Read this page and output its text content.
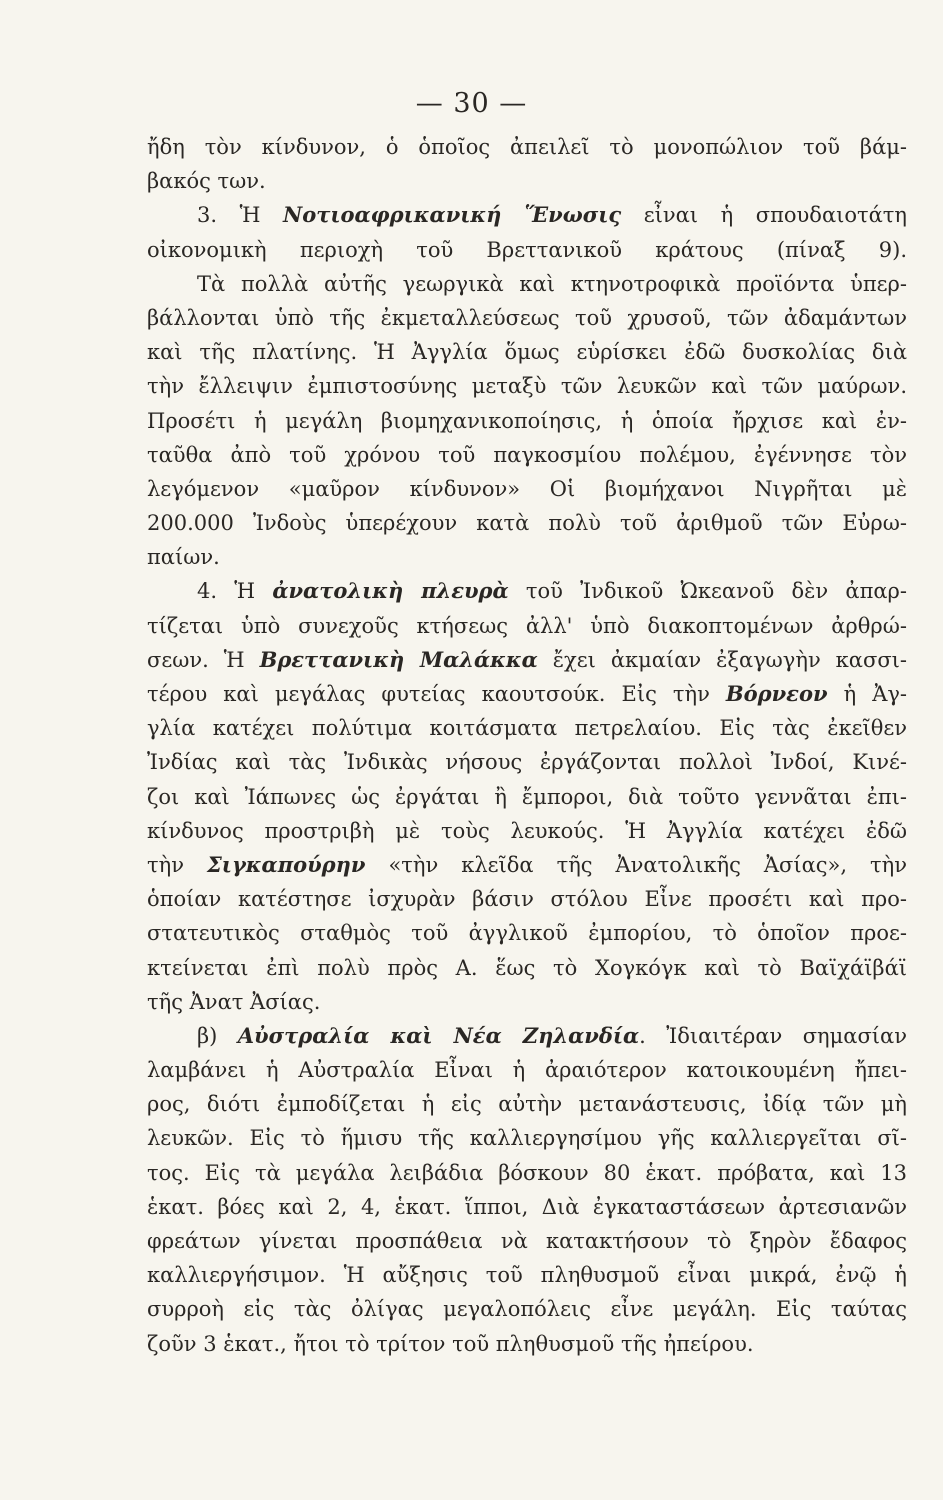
— 30 —
ἤδη τὸν κίνδυνον, ὁ ὁποῖος ἀπειλεῖ τὸ μονοπώλιον τοῦ βάμ-
βακός των.
3. Ἡ Νοτιοαφρικανική Ἕνωσις εἶναι ἡ σπουδαιοτάτη
οἰκονομικὴ περιοχὴ τοῦ Βρεττανικοῦ κράτους (πίναξ 9).
Τὰ πολλὰ αὐτῆς γεωργικὰ καὶ κτηνοτροφικὰ προϊόντα ὑπερ-
βάλλονται ὑπὸ τῆς ἐκμεταλλεύσεως τοῦ χρυσοῦ, τῶν ἀδαμάντων
καὶ τῆς πλατίνης. Ἡ Ἀγγλία ὅμως εὑρίσκει ἐδῶ δυσκολίας διὰ
τὴν ἔλλειψιν ἐμπιστοσύνης μεταξὺ τῶν λευκῶν καὶ τῶν μαύρων.
Προσέτι ἡ μεγάλη βιομηχανικοποίησις, ἡ ὁποία ἤρχισε καὶ ἐν-
ταῦθα ἀπὸ τοῦ χρόνου τοῦ παγκοσμίου πολέμου, ἐγέννησε τὸν
λεγόμενον «μαῦρον κίνδυνον» Οἱ βιομήχανοι Νιγρῆται μὲ
200.000 Ἰνδοὺς ὑπερέχουν κατὰ πολὺ τοῦ ἀριθμοῦ τῶν Εὐρω-
παίων.
4. Ἡ ἀνατολικὴ πλευρὰ τοῦ Ἰνδικοῦ Ὠκεανοῦ δὲν ἀπαρ-
τίζεται ὑπὸ συνεχοῦς κτήσεως ἀλλ' ὑπὸ διακοπτομένων ἀρθρώ-
σεων. Ἡ Βρεττανικὴ Μαλάκκα ἔχει ἀκμαίαν ἐξαγωγὴν κασσι-
τέρου καὶ μεγάλας φυτείας καουτσούκ. Εἰς τὴν Βόρνεον ἡ Ἀγ-
γλία κατέχει πολύτιμα κοιτάσματα πετρελαίου. Εἰς τὰς ἐκεῖθεν
Ἰνδίας καὶ τὰς Ἰνδικὰς νήσους ἐργάζονται πολλοὶ Ἰνδοί, Κινέ-
ζοι καὶ Ἰάπωνες ὡς ἐργάται ἢ ἔμποροι, διὰ τοῦτο γεννᾶται ἐπι-
κίνδυνος προστριβὴ μὲ τοὺς λευκούς. Ἡ Ἀγγλία κατέχει ἐδῶ
τὴν Σιγκαπούρην «τὴν κλεῖδα τῆς Ἀνατολικῆς Ἀσίας», τὴν
ὁποίαν κατέστησε ἰσχυρὰν βάσιν στόλου Εἶνε προσέτι καὶ προ-
στατευτικὸς σταθμὸς τοῦ ἀγγλικοῦ ἐμπορίου, τὸ ὁποῖον προε-
κτείνεται ἐπὶ πολὺ πρὸς Α. ἕως τὸ Χογκόγκ καὶ τὸ Βαϊχάϊβάϊ
τῆς Ἀνατ Ἀσίας.
β) Αὐστραλία καὶ Νέα Ζηλανδία. Ἰδιαιτέραν σημασίαν
λαμβάνει ἡ Αὐστραλία Εἶναι ἡ ἀραιότερον κατοικουμένη ἤπει-
ρος, διότι ἐμποδίζεται ἡ εἰς αὐτὴν μετανάστευσις, ἰδίᾳ τῶν μὴ
λευκῶν. Εἰς τὸ ἥμισυ τῆς καλλιεργησίμου γῆς καλλιεργεῖται σῖ-
τος. Εἰς τὰ μεγάλα λειβάδια βόσκουν 80 ἑκατ. πρόβατα, καὶ 13
ἑκατ. βόες καὶ 2, 4, ἑκατ. ἵπποι, Διὰ ἐγκαταστάσεων ἀρτεσιανῶν
φρεάτων γίνεται προσπάθεια νὰ κατακτήσουν τὸ ξηρὸν ἔδαφος
καλλιεργήσιμον. Ἡ αὔξησις τοῦ πληθυσμοῦ εἶναι μικρά, ἐνῷ ἡ
συρροὴ εἰς τὰς ὀλίγας μεγαλοπόλεις εἶνε μεγάλη. Εἰς ταύτας
ζοῦν 3 ἑκατ., ἤτοι τὸ τρίτον τοῦ πληθυσμοῦ τῆς ἠπείρου.
